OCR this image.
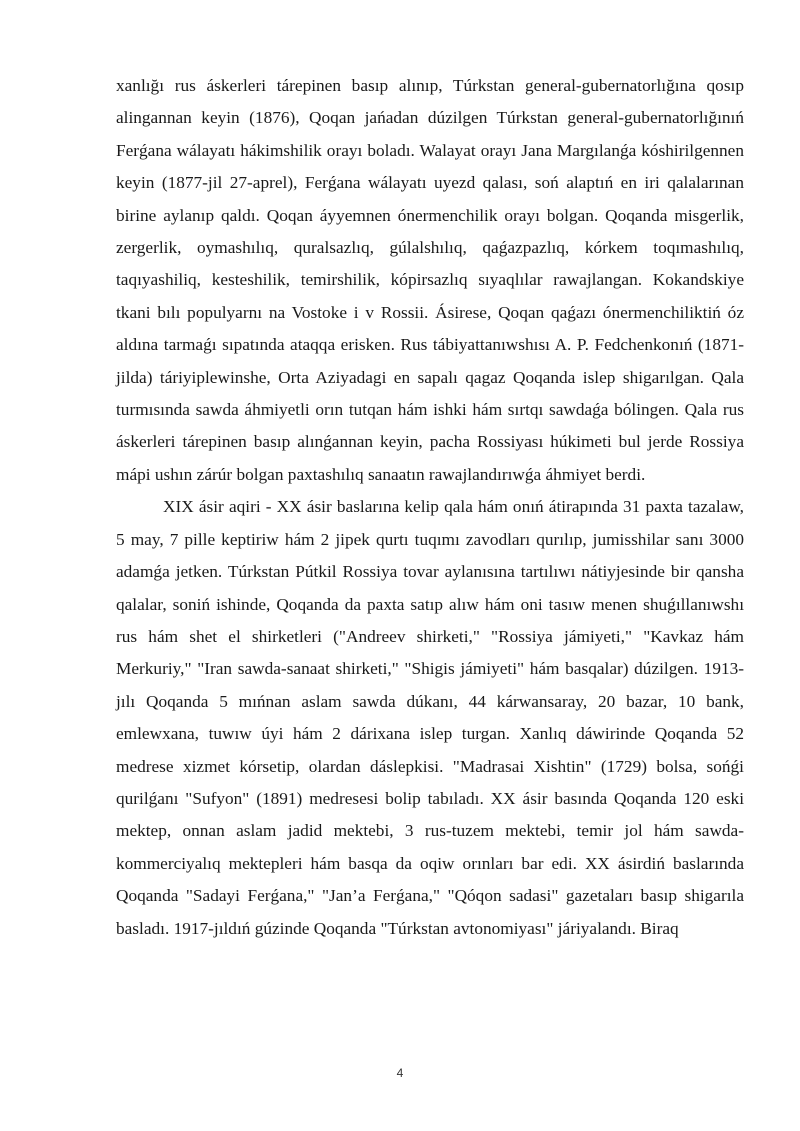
xanlığı rus áskerleri tárepinen basıp alınıp, Túrkstan general-gubernatorlığına qosıp alingannan keyin (1876), Qoqan jańadan dúzilgen Túrkstan general-gubernatorlığınıń Ferǵana wálayatı hákimshilik orayı boladı. Walayat orayı Jana Margılanǵa kóshirilgennen keyin (1877-jil 27-aprel), Ferǵana wálayatı uyezd qalası, soń alaptıń en iri qalalarınan birine aylanıp qaldı. Qoqan áyyemnen ónermenchilik orayı bolgan. Qoqanda misgerlik, zergerlik, oymashılıq, quralsazlıq, gúlalshılıq, qaǵazpazlıq, kórkem toqımashılıq, taqıyashiliq, kesteshilik, temirshilik, kópirsazlıq sıyaqlılar rawajlangan. Kokandskiye tkani bılı populyarnı na Vostoke i v Rossii. Ásirese, Qoqan qaǵazı ónermenchiliktiń óz aldına tarmaǵı sıpatında ataqqa erisken. Rus tábiyattanıwshısı A. P. Fedchenkonıń (1871-jilda) táriyiplewinshe, Orta Aziyadagi en sapalı qagaz Qoqanda islep shigarılgan. Qala turmısında sawda áhmiyetli orın tutqan hám ishki hám sırtqı sawdaǵa bólingen. Qala rus áskerleri tárepinen basıp alınǵannan keyin, pacha Rossiyası húkimeti bul jerde Rossiya mápi ushın zárúr bolgan paxtashılıq sanaatın rawajlandırıwǵa áhmiyet berdi.

XIX ásir aqiri - XX ásir baslarına kelip qala hám onıń átirapında 31 paxta tazalaw, 5 may, 7 pille keptiriw hám 2 jipek qurtı tuqımı zavodları qurılıp, jumisshilar sanı 3000 adamǵa jetken. Túrkstan Pútkil Rossiya tovar aylanısına tartılıwı nátiyjesinde bir qansha qalalar, soniń ishinde, Qoqanda da paxta satıp alıw hám oni tasıw menen shuǵıllanıwshı rus hám shet el shirketleri ("Andreev shirketi," "Rossiya jámiyeti," "Kavkaz hám Merkuriy," "Iran sawda-sanaat shirketi," "Shigis jámiyeti" hám basqalar) dúzilgen. 1913-jılı Qoqanda 5 mıńnan aslam sawda dúkanı, 44 kárwansaray, 20 bazar, 10 bank, emlewxana, tuwıw úyi hám 2 dárixana islep turgan. Xanlıq dáwirinde Qoqanda 52 medrese xizmet kórsetip, olardan dáslepkisi. "Madrasai Xishtin" (1729) bolsa, sońǵi qurilǵanı "Sufyon" (1891) medresesi bolip tabıladı. XX ásir basında Qoqanda 120 eski mektep, onnan aslam jadid mektebi, 3 rus-tuzem mektebi, temir jol hám sawda-kommerciyalıq mektepleri hám basqa da oqiw orınları bar edi. XX ásirdiń baslarında Qoqanda "Sadayi Ferǵana," "Jan’a Ferǵana," "Qóqon sadasi" gazetaları basıp shigarıla basladı. 1917-jıldıń gúzinde Qoqanda "Túrkstan avtonomiyası" járiyalandı. Biraq

4
